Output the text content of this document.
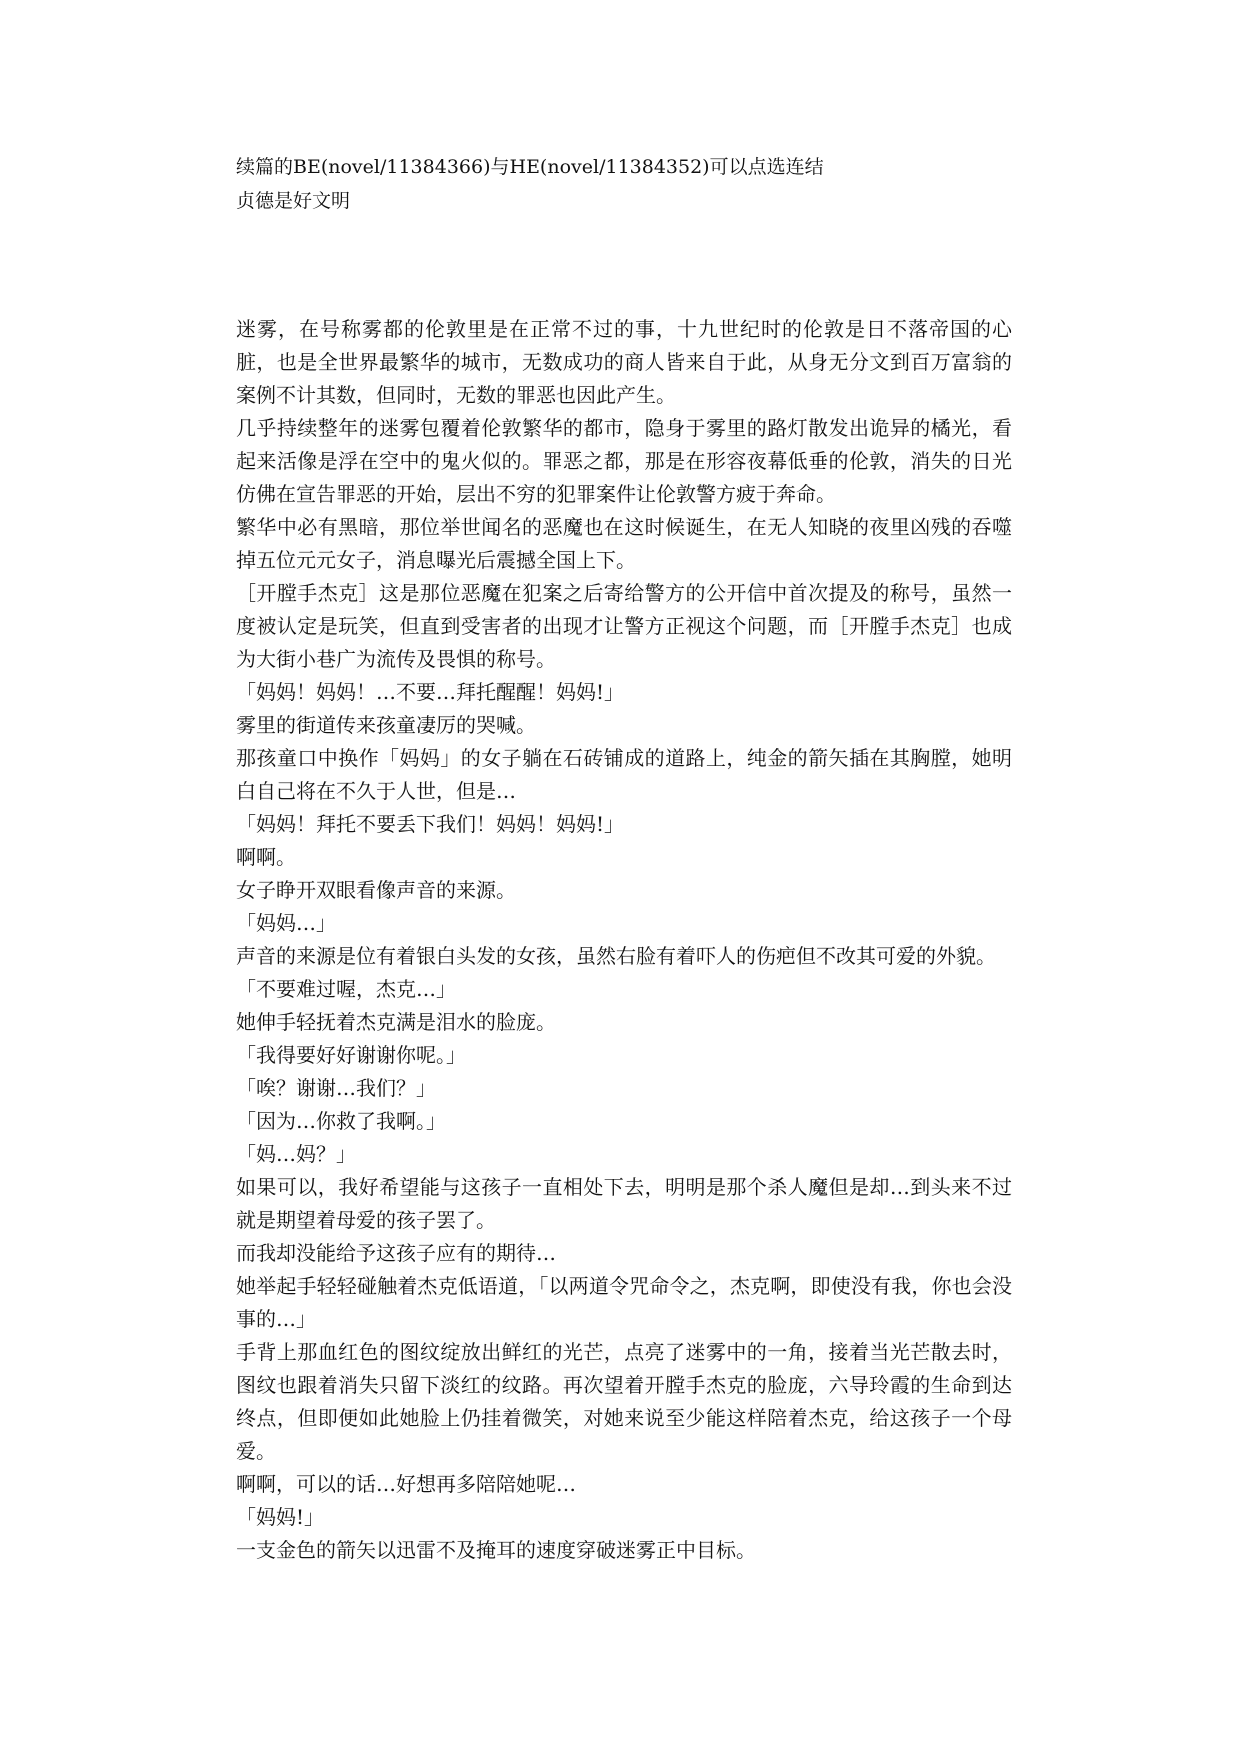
续篇的BE(novel/11384366)与HE(novel/11384352)可以点选连结
贞德是好文明

迷雾，在号称雾都的伦敦里是在正常不过的事，十九世纪时的伦敦是日不落帝国的心脏，也是全世界最繁华的城市，无数成功的商人皆来自于此，从身无分文到百万富翁的案例不计其数，但同时，无数的罪恶也因此产生。

几乎持续整年的迷雾包覆着伦敦繁华的都市，隐身于雾里的路灯散发出诡异的橘光，看起来活像是浮在空中的鬼火似的。罪恶之都，那是在形容夜幕低垂的伦敦，消失的日光仿佛在宣告罪恶的开始，层出不穷的犯罪案件让伦敦警方疲于奔命。

繁华中必有黑暗，那位举世闻名的恶魔也在这时候诞生，在无人知晓的夜里凶残的吞噬掉五位元元女子，消息曝光后震撼全国上下。

［开膛手杰克］这是那位恶魔在犯案之后寄给警方的公开信中首次提及的称号，虽然一度被认定是玩笑，但直到受害者的出现才让警方正视这个问题，而［开膛手杰克］也成为大街小巷广为流传及畏惧的称号。

「妈妈！妈妈！…不要…拜托醒醒！妈妈!」

雾里的街道传来孩童凄厉的哭喊。

那孩童口中换作「妈妈」的女子躺在石砖铺成的道路上，纯金的箭矢插在其胸膛，她明白自己将在不久于人世，但是…

「妈妈！拜托不要丢下我们！妈妈！妈妈!」

啊啊。

女子睁开双眼看像声音的来源。

「妈妈…」

声音的来源是位有着银白头发的女孩，虽然右脸有着吓人的伤疤但不改其可爱的外貌。

「不要难过喔，杰克…」

她伸手轻抚着杰克满是泪水的脸庞。

「我得要好好谢谢你呢。」

「唉？谢谢…我们？」

「因为…你救了我啊。」

「妈…妈？」

如果可以，我好希望能与这孩子一直相处下去，明明是那个杀人魔但是却…到头来不过就是期望着母爱的孩子罢了。

而我却没能给予这孩子应有的期待…

她举起手轻轻碰触着杰克低语道，「以两道令咒命令之，杰克啊，即使没有我，你也会没事的…」

手背上那血红色的图纹绽放出鲜红的光芒，点亮了迷雾中的一角，接着当光芒散去时，图纹也跟着消失只留下淡红的纹路。再次望着开膛手杰克的脸庞，六导玲霞的生命到达终点，但即便如此她脸上仍挂着微笑，对她来说至少能这样陪着杰克，给这孩子一个母爱。

啊啊，可以的话…好想再多陪陪她呢…

「妈妈!」

一支金色的箭矢以迅雷不及掩耳的速度穿破迷雾正中目标。
